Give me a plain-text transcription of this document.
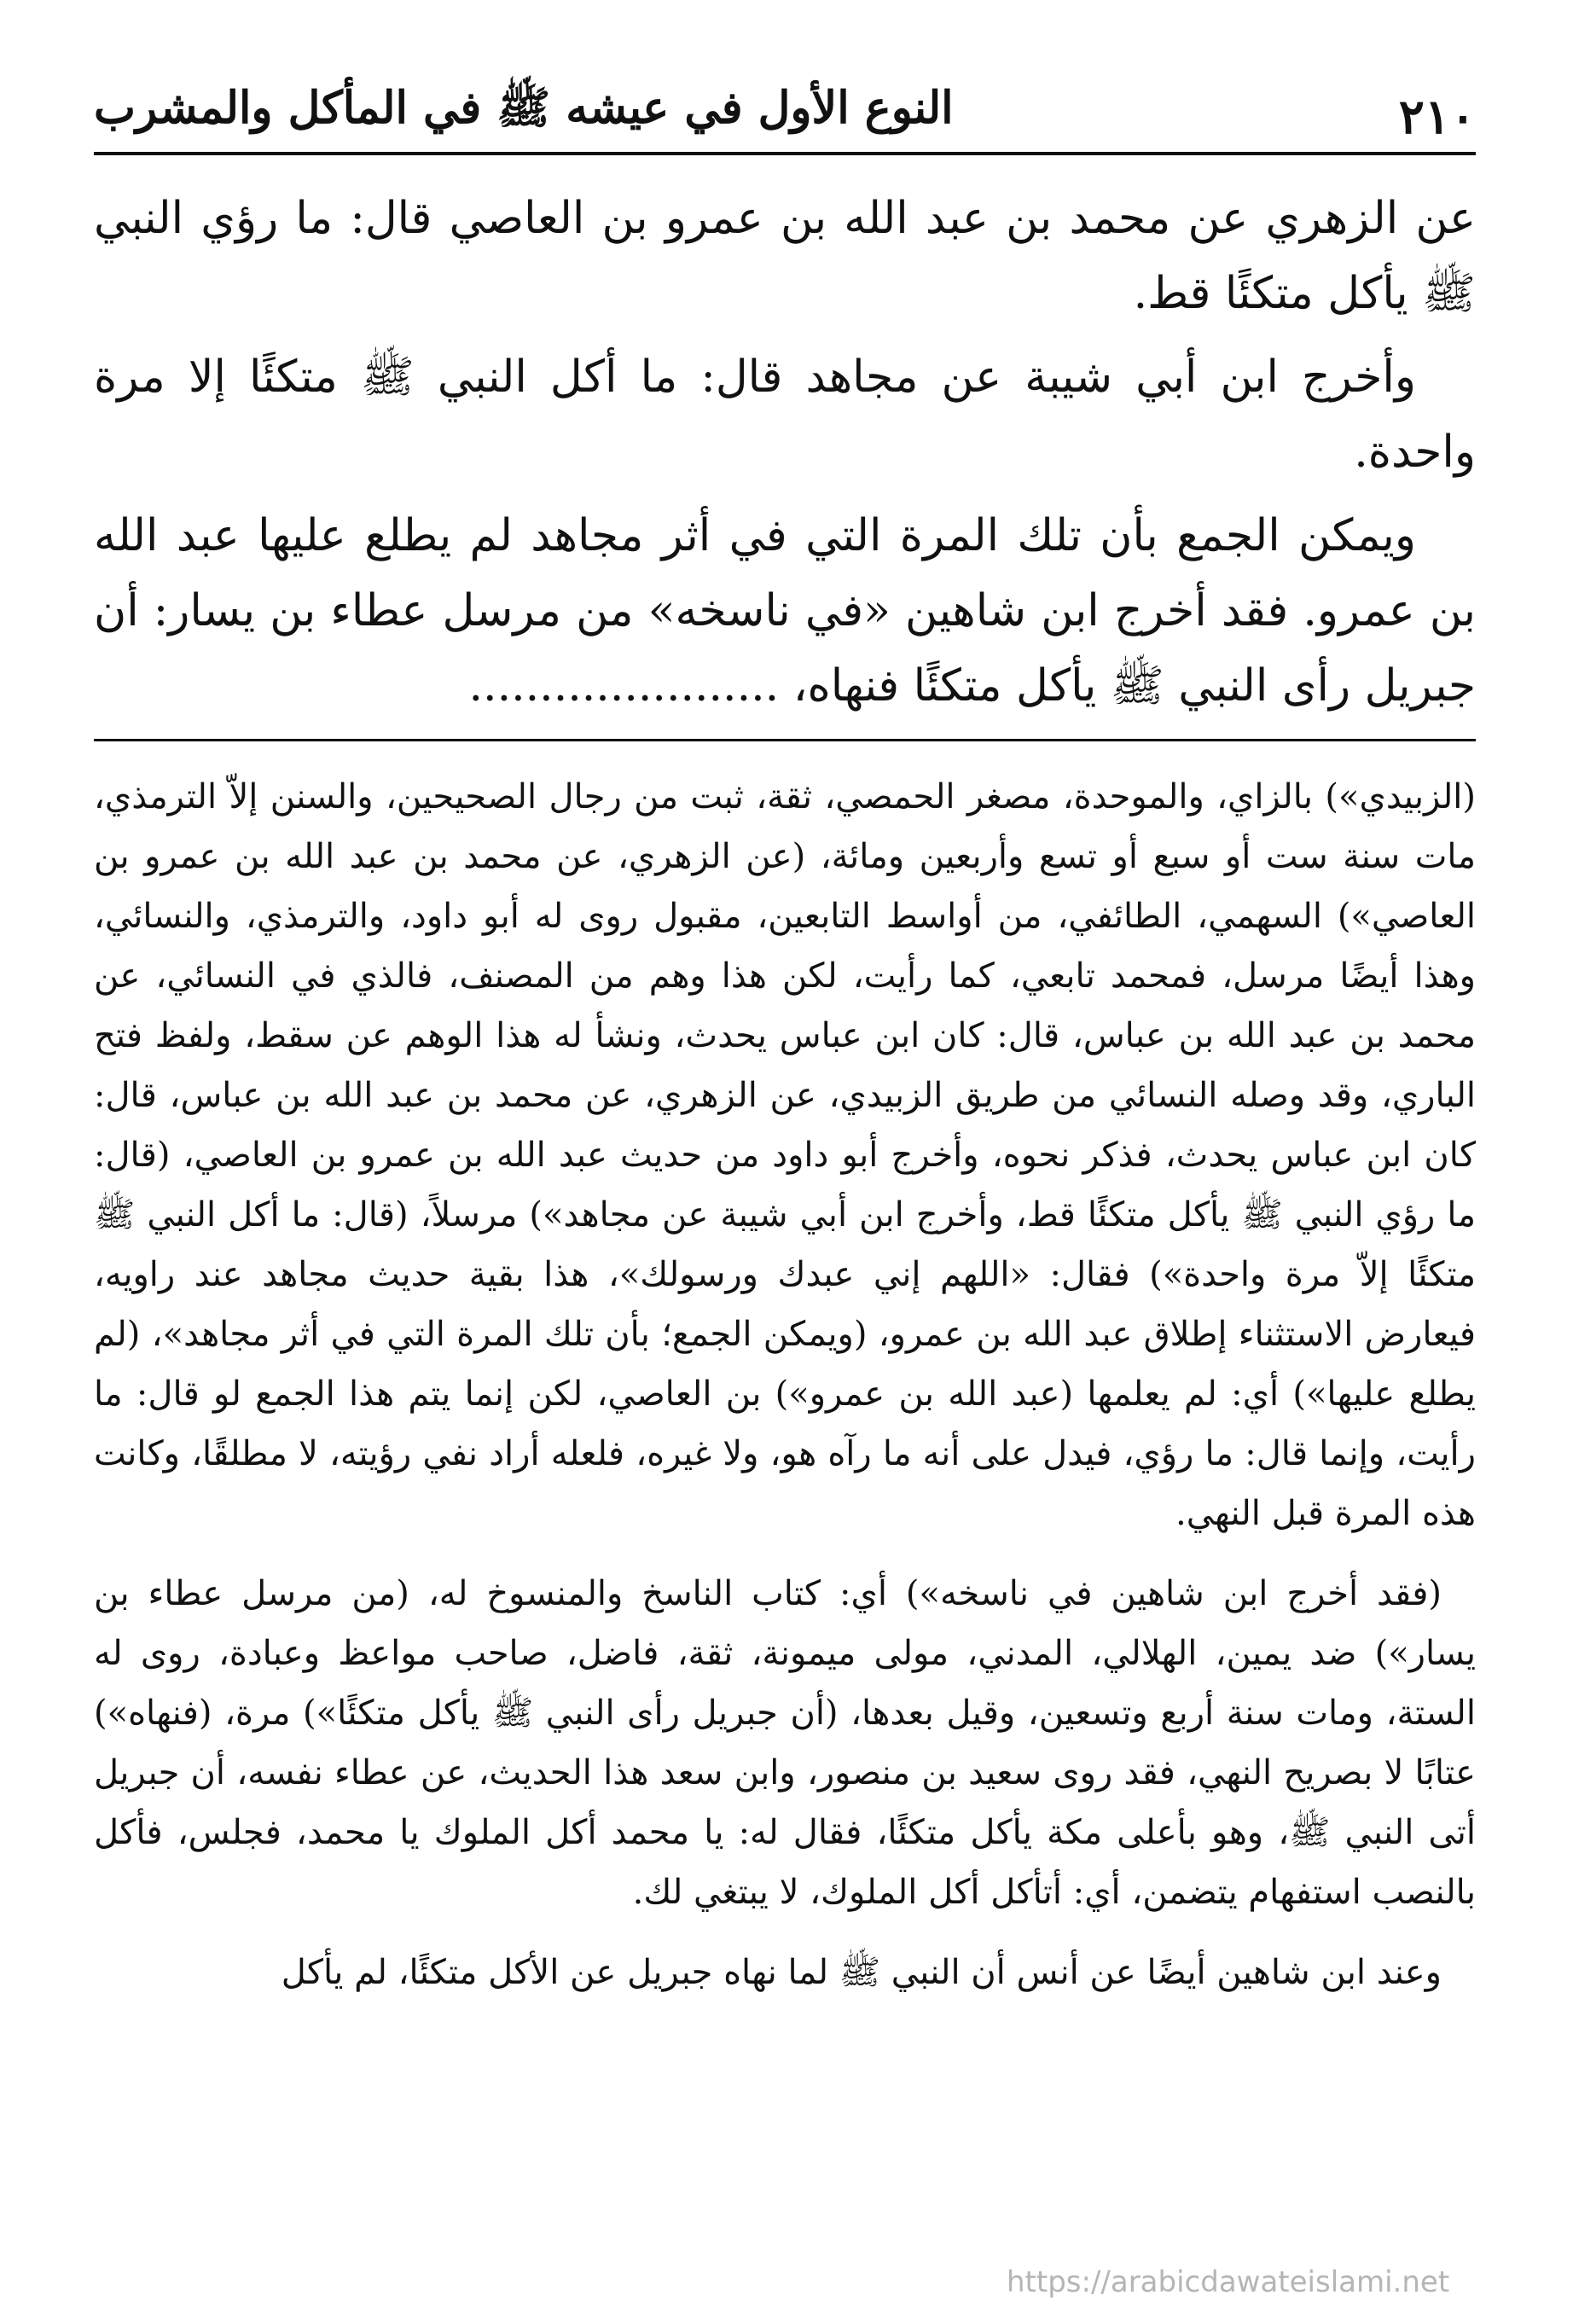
٢١٠
النوع الأول في عيشه ﷺ في المأكل والمشرب

عن الزهري عن محمد بن عبد الله بن عمرو بن العاصي قال: ما رؤي النبي ﷺ يأكل متكئًا قط.

وأخرج ابن أبي شيبة عن مجاهد قال: ما أكل النبي ﷺ متكئًا إلا مرة واحدة.

ويمكن الجمع بأن تلك المرة التي في أثر مجاهد لم يطلع عليها عبد الله بن عمرو. فقد أخرج ابن شاهين «في ناسخه» من مرسل عطاء بن يسار: أن جبريل رأى النبي ﷺ يأكل متكئًا فنهاه، ......................

(الزبيدي») بالزاي، والموحدة، مصغر الحمصي، ثقة، ثبت من رجال الصحيحين، والسنن إلاّ الترمذي، مات سنة ست أو سبع أو تسع وأربعين ومائة، (عن الزهري، عن محمد بن عبد الله بن عمرو بن العاصي») السهمي، الطائفي، من أواسط التابعين، مقبول روى له أبو داود، والترمذي، والنسائي، وهذا أيضًا مرسل، فمحمد تابعي، كما رأيت، لكن هذا وهم من المصنف، فالذي في النسائي، عن محمد بن عبد الله بن عباس، قال: كان ابن عباس يحدث، ونشأ له هذا الوهم عن سقط، ولفظ فتح الباري، وقد وصله النسائي من طريق الزبيدي، عن الزهري، عن محمد بن عبد الله بن عباس، قال: كان ابن عباس يحدث، فذكر نحوه، وأخرج أبو داود من حديث عبد الله بن عمرو بن العاصي، (قال: ما رؤي النبي ﷺ يأكل متكئًا قط، وأخرج ابن أبي شيبة عن مجاهد») مرسلاً، (قال: ما أكل النبي ﷺ متكئًا إلاّ مرة واحدة») فقال: «اللهم إني عبدك ورسولك»، هذا بقية حديث مجاهد عند راويه، فيعارض الاستثناء إطلاق عبد الله بن عمرو، (ويمكن الجمع؛ بأن تلك المرة التي في أثر مجاهد»، (لم يطلع عليها») أي: لم يعلمها (عبد الله بن عمرو») بن العاصي، لكن إنما يتم هذا الجمع لو قال: ما رأيت، وإنما قال: ما رؤي، فيدل على أنه ما رآه هو، ولا غيره، فلعله أراد نفي رؤيته، لا مطلقًا، وكانت هذه المرة قبل النهي.

(فقد أخرج ابن شاهين في ناسخه») أي: كتاب الناسخ والمنسوخ له، (من مرسل عطاء بن يسار») ضد يمين، الهلالي، المدني، مولى ميمونة، ثقة، فاضل، صاحب مواعظ وعبادة، روى له الستة، ومات سنة أربع وتسعين، وقيل بعدها، (أن جبريل رأى النبي ﷺ يأكل متكئًا») مرة، (فنهاه») عتابًا لا بصريح النهي، فقد روى سعيد بن منصور، وابن سعد هذا الحديث، عن عطاء نفسه، أن جبريل أتى النبي ﷺ، وهو بأعلى مكة يأكل متكئًا، فقال له: يا محمد أكل الملوك يا محمد، فجلس، فأكل بالنصب استفهام يتضمن، أي: أتأكل أكل الملوك، لا يبتغي لك.

وعند ابن شاهين أيضًا عن أنس أن النبي ﷺ لما نهاه جبريل عن الأكل متكئًا، لم يأكل

https://arabicdawateislami.net
